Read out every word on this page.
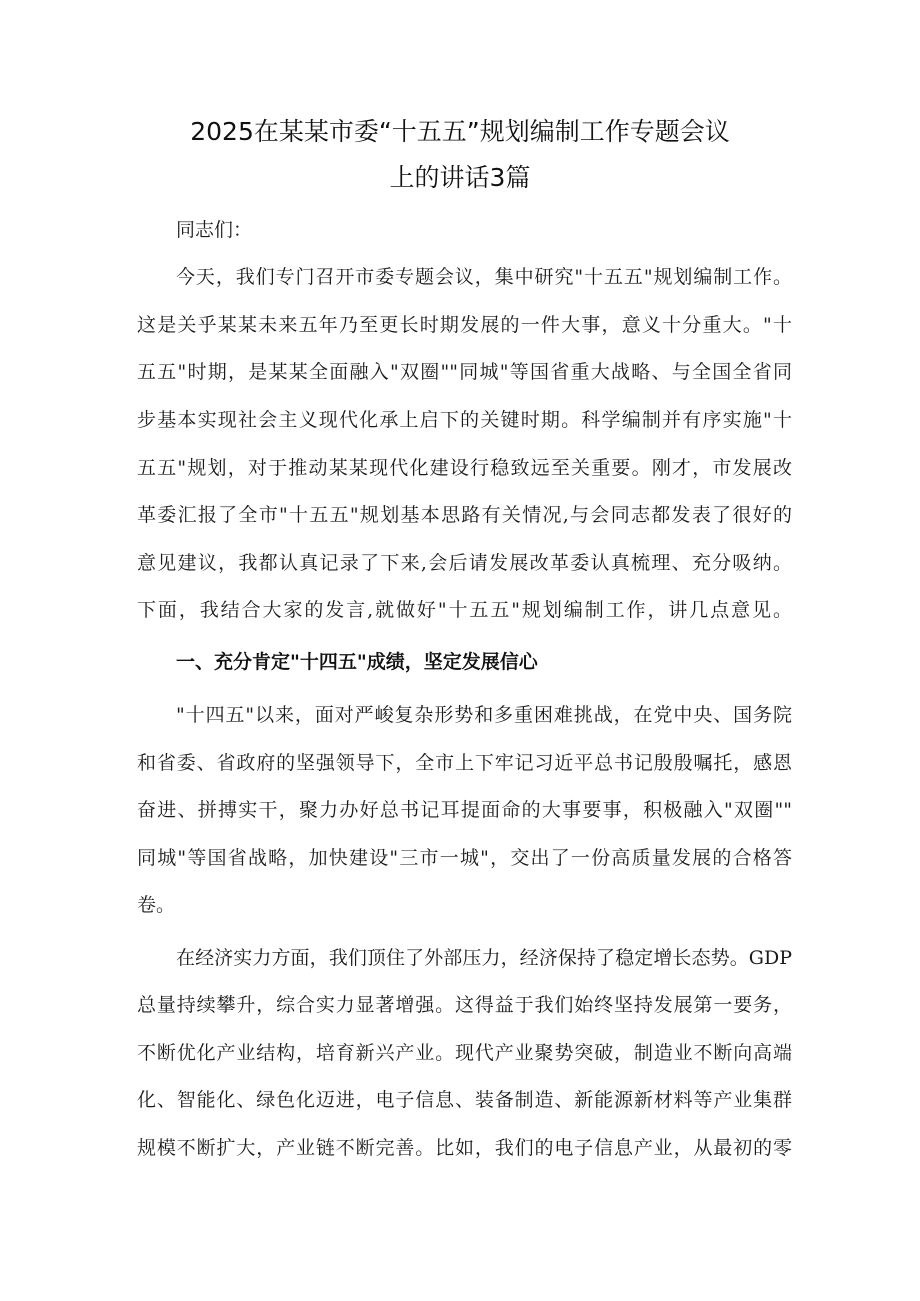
2025在某某市委“十五五”规划编制工作专题会议
上的讲话3篇
同志们：
今天，我们专门召开市委专题会议，集中研究"十五五"规划编制工作。
这是关乎某某未来五年乃至更长时期发展的一件大事，意义十分重大。"十
五五"时期，是某某全面融入"双圈""同城"等国省重大战略、与全国全省同
步基本实现社会主义现代化承上启下的关键时期。科学编制并有序实施"十
五五"规划，对于推动某某现代化建设行稳致远至关重要。刚才，市发展改
革委汇报了全市"十五五"规划基本思路有关情况,与会同志都发表了很好的
意见建议，我都认真记录了下来,会后请发展改革委认真梳理、充分吸纳。
下面，我结合大家的发言,就做好"十五五"规划编制工作，讲几点意见。
一、充分肯定"十四五"成绩，坚定发展信心
"十四五"以来，面对严峻复杂形势和多重困难挑战，在党中央、国务院
和省委、省政府的坚强领导下，全市上下牢记习近平总书记殷殷嘱托，感恩
奋进、拼搏实干，聚力办好总书记耳提面命的大事要事，积极融入"双圈""
同城"等国省战略，加快建设"三市一城"，交出了一份高质量发展的合格答
卷。
在经济实力方面，我们顶住了外部压力，经济保持了稳定增长态势。GDP
总量持续攀升，综合实力显著增强。这得益于我们始终坚持发展第一要务，
不断优化产业结构，培育新兴产业。现代产业聚势突破，制造业不断向高端
化、智能化、绿色化迈进，电子信息、装备制造、新能源新材料等产业集群
规模不断扩大，产业链不断完善。比如，我们的电子信息产业，从最初的零
